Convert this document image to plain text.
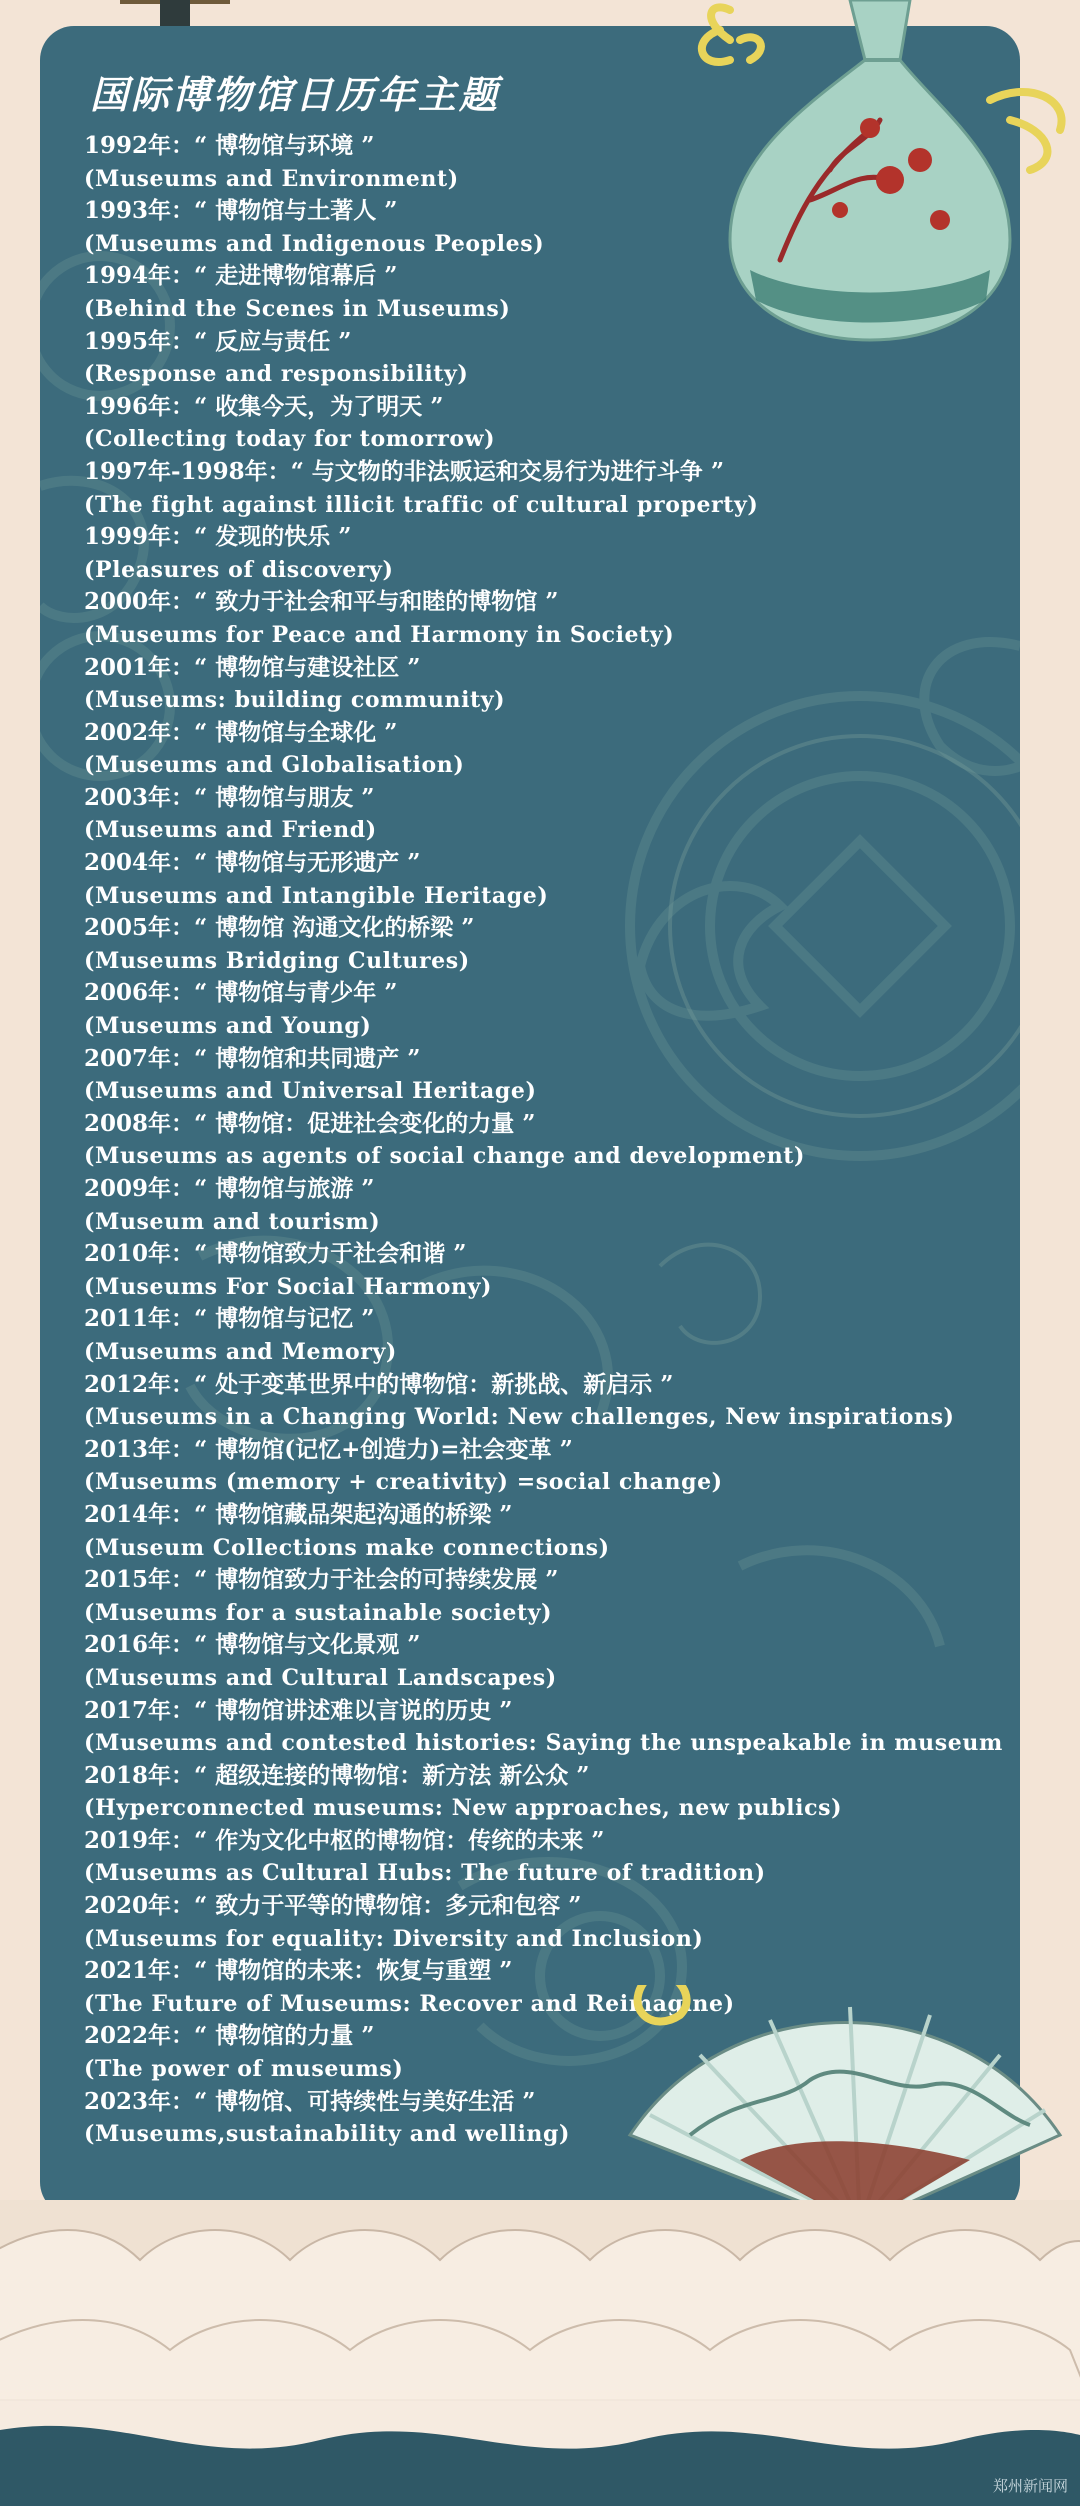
国际博物馆日历年主题
1992年：“ 博物馆与环境 ”
(Museums and Environment)
1993年：“ 博物馆与土著人 ”
(Museums and Indigenous Peoples)
1994年：“ 走进博物馆幕后 ”
(Behind the Scenes in Museums)
1995年：“ 反应与责任 ”
(Response and responsibility)
1996年：“ 收集今天，为了明天 ”
(Collecting today for tomorrow)
1997年-1998年：“ 与文物的非法贩运和交易行为进行斗争 ”
(The fight against illicit traffic of cultural property)
1999年：“ 发现的快乐 ”
(Pleasures of discovery)
2000年：“ 致力于社会和平与和睦的博物馆 ”
(Museums for Peace and Harmony in Society)
2001年：“ 博物馆与建设社区 ”
(Museums: building community)
2002年：“ 博物馆与全球化 ”
(Museums and Globalisation)
2003年：“ 博物馆与朋友 ”
(Museums and Friend)
2004年：“ 博物馆与无形遗产 ”
(Museums and Intangible Heritage)
2005年：“ 博物馆 沟通文化的桥梁 ”
(Museums Bridging Cultures)
2006年：“ 博物馆与青少年 ”
(Museums and Young)
2007年：“ 博物馆和共同遗产 ”
(Museums and Universal Heritage)
2008年：“ 博物馆：促进社会变化的力量 ”
(Museums as agents of social change and development)
2009年：“ 博物馆与旅游 ”
(Museum and tourism)
2010年：“ 博物馆致力于社会和谐 ”
(Museums For Social Harmony)
2011年：“ 博物馆与记忆 ”
(Museums and Memory)
2012年：“ 处于变革世界中的博物馆：新挑战、新启示 ”
(Museums in a Changing World: New challenges, New inspirations)
2013年：“ 博物馆(记忆+创造力)=社会变革 ”
(Museums (memory + creativity) =social change)
2014年：“ 博物馆藏品架起沟通的桥梁 ”
(Museum Collections make connections)
2015年：“ 博物馆致力于社会的可持续发展 ”
(Museums for a sustainable society)
2016年：“ 博物馆与文化景观 ”
(Museums and Cultural Landscapes)
2017年：“ 博物馆讲述难以言说的历史 ”
(Museums and contested histories: Saying the unspeakable in museum
2018年：“ 超级连接的博物馆：新方法 新公众 ”
(Hyperconnected museums: New approaches, new publics)
2019年：“ 作为文化中枢的博物馆：传统的未来 ”
(Museums as Cultural Hubs: The future of tradition)
2020年：“ 致力于平等的博物馆：多元和包容 ”
(Museums for equality: Diversity and Inclusion)
2021年：“ 博物馆的未来：恢复与重塑 ”
(The Future of Museums: Recover and Reimagine)
2022年：“ 博物馆的力量 ”
(The power of museums)
2023年：“ 博物馆、可持续性与美好生活 ”
(Museums,sustainability and welling)
郑州新闻网
